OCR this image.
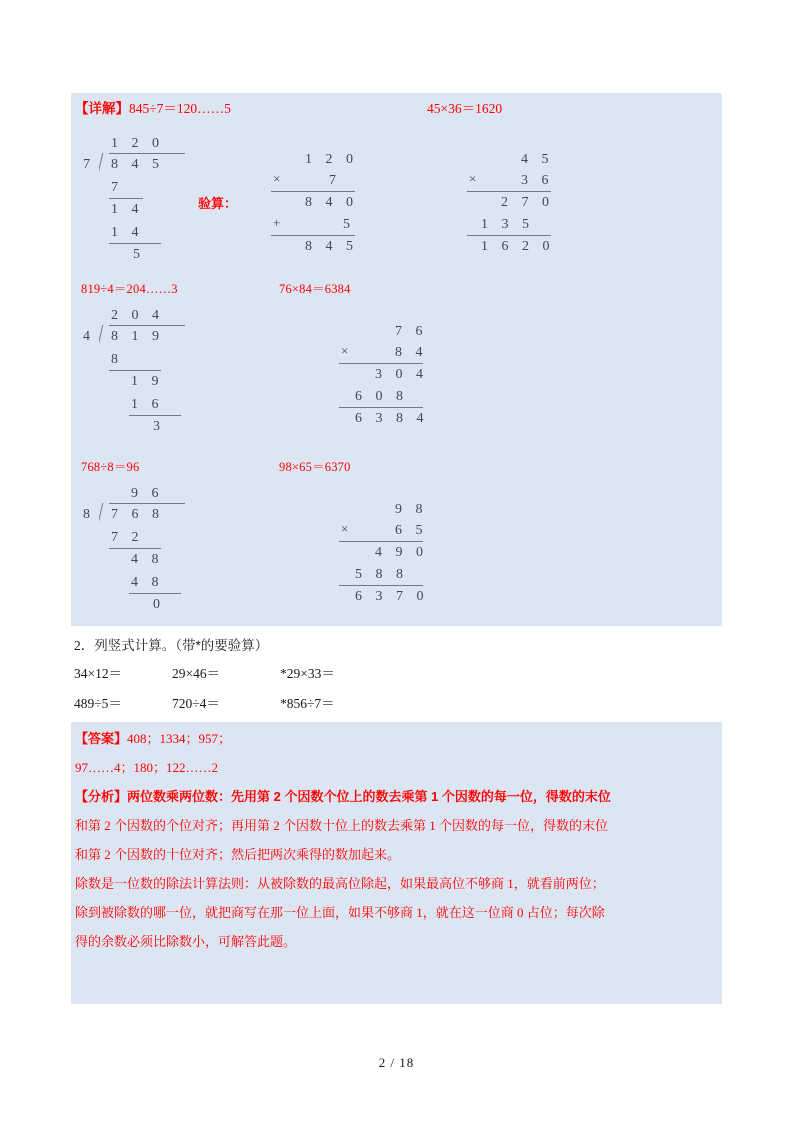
【详解】845÷7＝120……5	45×36＝1620
1 2 0
7 8 4 5
7
1 4
1 4
5
验算：
1 2 0
×	7
8 4 0
+	5
8 4 5
4 5
×	3 6
2 7 0
1 3 5
1 6 2 0
819÷4＝204……3	76×84＝6384
2 0 4
4 8 1 9
8
1 9
1 6
3
7 6
×	8 4
3 0 4
6 0 8
6 3 8 4
768÷8＝96	98×65＝6370
9 6
8 7 6 8
7 2
4 8
4 8
0
9 8
×	6 5
4 9 0
5 8 8
6 3 7 0
2．列竖式计算。（带*的要验算）
34×12＝	29×46＝	*29×33＝
489÷5＝	720÷4＝	*856÷7＝
【答案】408；1334；957；
97……4；180；122……2
【分析】两位数乘两位数：先用第 2 个因数个位上的数去乘第 1 个因数的每一位，得数的末位
和第 2 个因数的个位对齐；再用第 2 个因数十位上的数去乘第 1 个因数的每一位，得数的末位
和第 2 个因数的十位对齐；然后把两次乘得的数加起来。
除数是一位数的除法计算法则：从被除数的最高位除起，如果最高位不够商 1，就看前两位；
除到被除数的哪一位，就把商写在那一位上面，如果不够商 1，就在这一位商 0 占位；每次除
得的余数必须比除数小，可解答此题。
2 / 18
